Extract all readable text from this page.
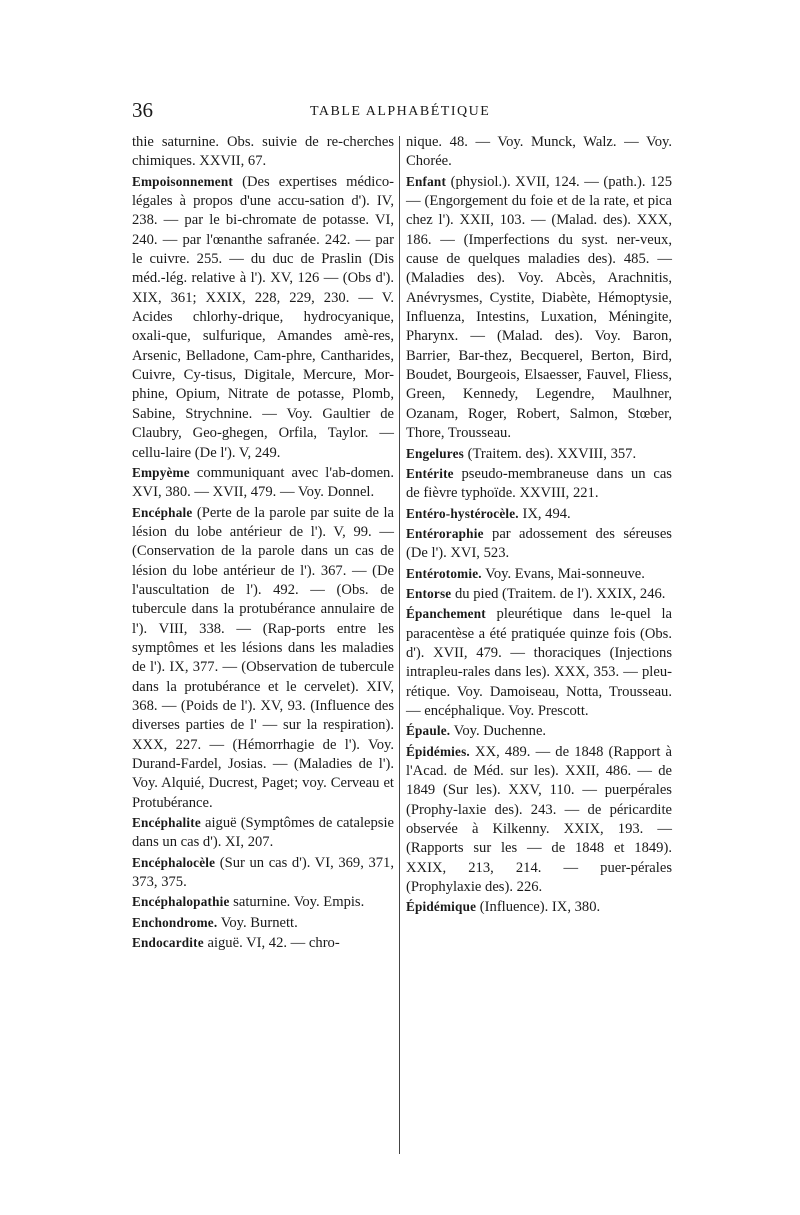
36	TABLE ALPHABÉTIQUE

thie saturnine. Obs. suivie de re-cherches chimiques. XXVII, 67.

Empoisonnement (Des expertises médico-légales à propos d'une accu-sation d'). IV, 238. — par le bi-chromate de potasse. VI, 240. — par l'œnanthe safranée. 242. — par le cuivre. 255. — du duc de Praslin (Dis méd.-lég. relative à l'). XV, 126 — (Obs d'). XIX, 361; XXIX, 228, 229, 230. — V. Acides chlorhy-drique, hydrocyanique, oxali-que, sulfurique, Amandes amè-res, Arsenic, Belladone, Cam-phre, Cantharides, Cuivre, Cy-tisus, Digitale, Mercure, Mor-phine, Opium, Nitrate de potasse, Plomb, Sabine, Strychnine. — Voy. Gaultier de Claubry, Geo-ghegen, Orfila, Taylor. — cellu-laire (De l'). V, 249.

Empyème communiquant avec l'ab-domen. XVI, 380. — XVII, 479. — Voy. Donnel.

Encéphale (Perte de la parole par suite de la lésion du lobe antérieur de l'). V, 99. — (Conservation de la parole dans un cas de lésion du lobe antérieur de l'). 367. — (De l'auscultation de l'). 492. — (Obs. de tubercule dans la protubérance annulaire de l'). VIII, 338. — (Rap-ports entre les symptômes et les lésions dans les maladies de l'). IX, 377. — (Observation de tubercule dans la protubérance et le cervelet). XIV, 368. — (Poids de l'). XV, 93. (Influence des diverses parties de l' — sur la respiration). XXX, 227. — (Hémorrhagie de l'). Voy. Durand-Fardel, Josias. — (Maladies de l'). Voy. Alquié, Ducrest, Paget; voy. Cerveau et Protubérance.

Encéphalite aiguë (Symptômes de catalepsie dans un cas d'). XI, 207.

Encéphalocèle (Sur un cas d'). VI, 369, 371, 373, 375.

Encéphalopathie saturnine. Voy. Empis.

Enchondrome. Voy. Burnett.

Endocardite aiguë. VI, 42. — chro-

nique. 48. — Voy. Munck, Walz. — Voy. Chorée.

Enfant (physiol.). XVII, 124. — (path.). 125 — (Engorgement du foie et de la rate, et pica chez l'). XXII, 103. — (Malad. des). XXX, 186. — (Imperfections du syst. ner-veux, cause de quelques maladies des). 485. — (Maladies des). Voy. Abcès, Arachnitis, Anévrysmes, Cystite, Diabète, Hémoptysie, Influenza, Intestins, Luxation, Méningite, Pharynx. — (Malad. des). Voy. Baron, Barrier, Bar-thez, Becquerel, Berton, Bird, Boudet, Bourgeois, Elsaesser, Fauvel, Fliess, Green, Kennedy, Legendre, Maulhner, Ozanam, Roger, Robert, Salmon, Stœber, Thore, Trousseau.

Engelures (Traitem. des). XXVIII, 357.

Entérite pseudo-membraneuse dans un cas de fièvre typhoïde. XXVIII, 221.

Entéro-hystérocèle. IX, 494.

Entéroraphie par adossement des séreuses (De l'). XVI, 523.

Entérotomie. Voy. Evans, Mai-sonneuve.

Entorse du pied (Traitem. de l'). XXIX, 246.

Épanchement pleurétique dans le-quel la paracentèse a été pratiquée quinze fois (Obs. d'). XVII, 479. — thoraciques (Injections intrapleu-rales dans les). XXX, 353. — pleu-rétique. Voy. Damoiseau, Notta, Trousseau. — encéphalique. Voy. Prescott.

Épaule. Voy. Duchenne.

Épidémies. XX, 489. — de 1848 (Rapport à l'Acad. de Méd. sur les). XXII, 486. — de 1849 (Sur les). XXV, 110. — puerpérales (Prophy-laxie des). 243. — de péricardite observée à Kilkenny. XXIX, 193. — (Rapports sur les — de 1848 et 1849). XXIX, 213, 214. — puer-pérales (Prophylaxie des). 226.

Épidémique (Influence). IX, 380.
